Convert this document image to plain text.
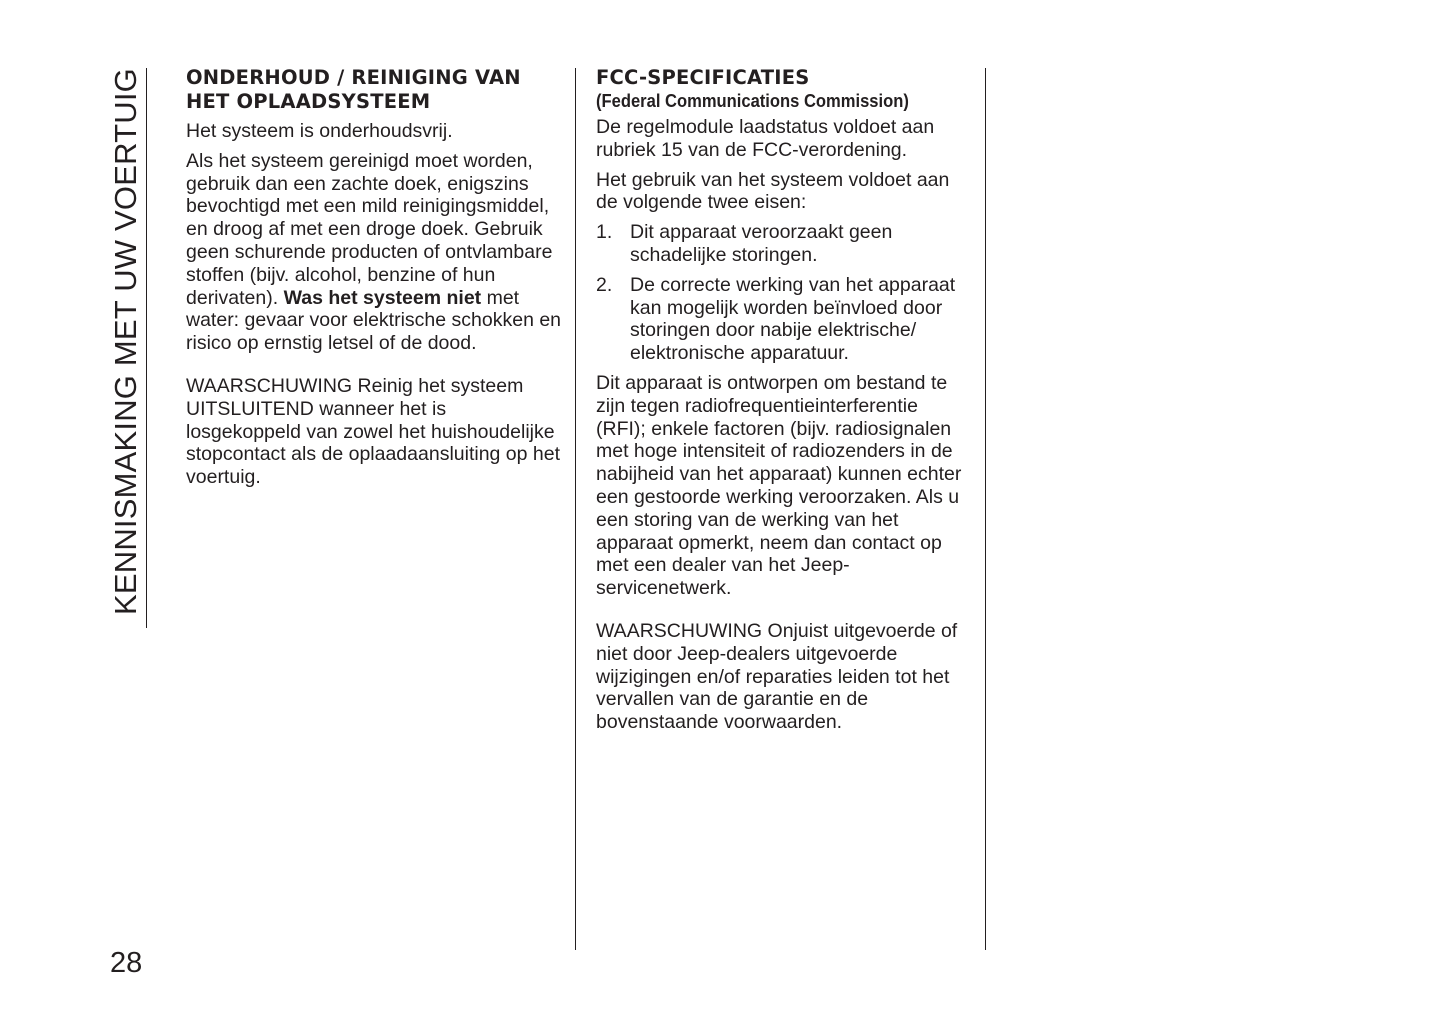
KENNISMAKING MET UW VOERTUIG ONDERHOUD / REINIGING VAN
HET OPLAADSYSTEEM

Het systeem is onderhoudsvrij.

Als het systeem gereinigd moet worden, gebruik dan een zachte doek, enigszins bevochtigd met een mild reinigingsmiddel, en droog af met een droge doek. Gebruik geen schurende producten of ontvlambare stoffen (bijv. alcohol, benzine of hun derivaten). Was het systeem niet met water: gevaar voor elektrische schokken en risico op ernstig letsel of de dood.

WAARSCHUWING Reinig het systeem UITSLUITEND wanneer het is losgekoppeld van zowel het huishoudelijke stopcontact als de oplaadaansluiting op het voertuig.

FCC-SPECIFICATIES
(Federal Communications Commission)

De regelmodule laadstatus voldoet aan rubriek 15 van de FCC-verordening.

Het gebruik van het systeem voldoet aan de volgende twee eisen:

1. Dit apparaat veroorzaakt geen schadelijke storingen.
2. De correcte werking van het apparaat kan mogelijk worden beïnvloed door storingen door nabije elektrische/ elektronische apparatuur.

Dit apparaat is ontworpen om bestand te zijn tegen radiofrequentieinterferentie (RFI); enkele factoren (bijv. radiosignalen met hoge intensiteit of radiozenders in de nabijheid van het apparaat) kunnen echter een gestoorde werking veroorzaken. Als u een storing van de werking van het apparaat opmerkt, neem dan contact op met een dealer van het Jeep-servicenetwerk.

WAARSCHUWING Onjuist uitgevoerde of niet door Jeep-dealers uitgevoerde wijzigingen en/of reparaties leiden tot het vervallen van de garantie en de bovenstaande voorwaarden.

28
